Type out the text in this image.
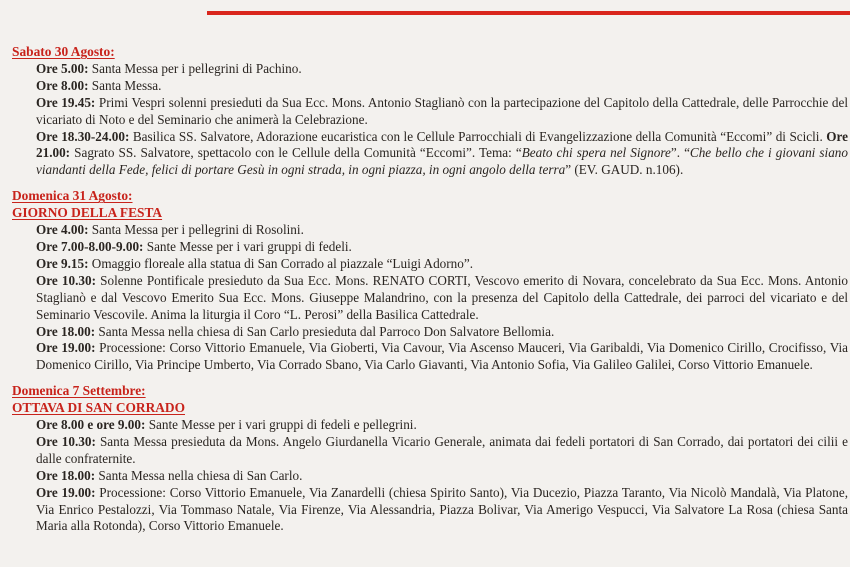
Sabato 30 Agosto:
Ore 5.00: Santa Messa per i pellegrini di Pachino.
Ore 8.00: Santa Messa.
Ore 19.45: Primi Vespri solenni presieduti da Sua Ecc. Mons. Antonio Staglianò con la partecipazione del Capitolo della Cattedrale, delle Parrocchie del vicariato di Noto e del Seminario che animerà la Celebrazione.
Ore 18.30-24.00: Basilica SS. Salvatore, Adorazione eucaristica con le Cellule Parrocchiali di Evangelizzazione della Comunità “Eccomi” di Scicli. Ore 21.00: Sagrato SS. Salvatore, spettacolo con le Cellule della Comunità “Eccomi”. Tema: “Beato chi spera nel Signore”. “Che bello che i giovani siano viandanti della Fede, felici di portare Gesù in ogni strada, in ogni piazza, in ogni angolo della terra” (EV. GAUD. n.106).
Domenica 31 Agosto:
GIORNO DELLA FESTA
Ore 4.00: Santa Messa per i pellegrini di Rosolini.
Ore 7.00-8.00-9.00: Sante Messe per i vari gruppi di fedeli.
Ore 9.15: Omaggio floreale alla statua di San Corrado al piazzale “Luigi Adorno”.
Ore 10.30: Solenne Pontificale presieduto da Sua Ecc. Mons. RENATO CORTI, Vescovo emerito di Novara, concelebrato da Sua Ecc. Mons. Antonio Staglianò e dal Vescovo Emerito Sua Ecc. Mons. Giuseppe Malandrino, con la presenza del Capitolo della Cattedrale, dei parroci del vicariato e del Seminario Vescovile. Anima la liturgia il Coro “L. Perosi” della Basilica Cattedrale.
Ore 18.00: Santa Messa nella chiesa di San Carlo presieduta dal Parroco Don Salvatore Bellomia.
Ore 19.00: Processione: Corso Vittorio Emanuele, Via Gioberti, Via Cavour, Via Ascenso Mauceri, Via Garibaldi, Via Domenico Cirillo, Crocifisso, Via Domenico Cirillo, Via Principe Umberto, Via Corrado Sbano, Via Carlo Giavanti, Via Antonio Sofia, Via Galileo Galilei, Corso Vittorio Emanuele.
Domenica 7 Settembre:
OTTAVA DI SAN CORRADO
Ore 8.00 e ore 9.00: Sante Messe per i vari gruppi di fedeli e pellegrini.
Ore 10.30: Santa Messa presieduta da Mons. Angelo Giurdanella Vicario Generale, animata dai fedeli portatori di San Corrado, dai portatori dei cilii e dalle confraternite.
Ore 18.00: Santa Messa nella chiesa di San Carlo.
Ore 19.00: Processione: Corso Vittorio Emanuele, Via Zanardelli (chiesa Spirito Santo), Via Ducezio, Piazza Taranto, Via Nicolò Mandalà, Via Platone, Via Enrico Pestalozzi, Via Tommaso Natale, Via Firenze, Via Alessandria, Piazza Bolivar, Via Amerigo Vespucci, Via Salvatore La Rosa (chiesa Santa Maria alla Rotonda), Corso Vittorio Emanuele.
